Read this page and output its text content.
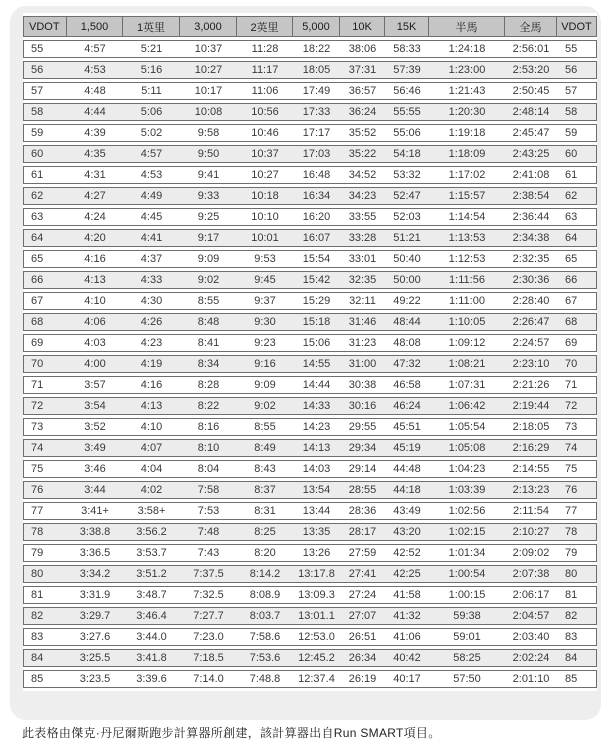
VDOT	1,500	1英里	3,000	2英里	5,000	10K	15K	半馬	全馬	VDOT
55	4:57	5:21	10:37	11:28	18:22	38:06	58:33	1:24:18	2:56:01	55
56	4:53	5:16	10:27	11:17	18:05	37:31	57:39	1:23:00	2:53:20	56
57	4:48	5:11	10:17	11:06	17:49	36:57	56:46	1:21:43	2:50:45	57
58	4:44	5:06	10:08	10:56	17:33	36:24	55:55	1:20:30	2:48:14	58
59	4:39	5:02	9:58	10:46	17:17	35:52	55:06	1:19:18	2:45:47	59
60	4:35	4:57	9:50	10:37	17:03	35:22	54:18	1:18:09	2:43:25	60
61	4:31	4:53	9:41	10:27	16:48	34:52	53:32	1:17:02	2:41:08	61
62	4:27	4:49	9:33	10:18	16:34	34:23	52:47	1:15:57	2:38:54	62
63	4:24	4:45	9:25	10:10	16:20	33:55	52:03	1:14:54	2:36:44	63
64	4:20	4:41	9:17	10:01	16:07	33:28	51:21	1:13:53	2:34:38	64
65	4:16	4:37	9:09	9:53	15:54	33:01	50:40	1:12:53	2:32:35	65
66	4:13	4:33	9:02	9:45	15:42	32:35	50:00	1:11:56	2:30:36	66
67	4:10	4:30	8:55	9:37	15:29	32:11	49:22	1:11:00	2:28:40	67
68	4:06	4:26	8:48	9:30	15:18	31:46	48:44	1:10:05	2:26:47	68
69	4:03	4:23	8:41	9:23	15:06	31:23	48:08	1:09:12	2:24:57	69
70	4:00	4:19	8:34	9:16	14:55	31:00	47:32	1:08:21	2:23:10	70
71	3:57	4:16	8:28	9:09	14:44	30:38	46:58	1:07:31	2:21:26	71
72	3:54	4:13	8:22	9:02	14:33	30:16	46:24	1:06:42	2:19:44	72
73	3:52	4:10	8:16	8:55	14:23	29:55	45:51	1:05:54	2:18:05	73
74	3:49	4:07	8:10	8:49	14:13	29:34	45:19	1:05:08	2:16:29	74
75	3:46	4:04	8:04	8:43	14:03	29:14	44:48	1:04:23	2:14:55	75
76	3:44	4:02	7:58	8:37	13:54	28:55	44:18	1:03:39	2:13:23	76
77	3:41+	3:58+	7:53	8:31	13:44	28:36	43:49	1:02:56	2:11:54	77
78	3:38.8	3:56.2	7:48	8:25	13:35	28:17	43:20	1:02:15	2:10:27	78
79	3:36.5	3:53.7	7:43	8:20	13:26	27:59	42:52	1:01:34	2:09:02	79
80	3:34.2	3:51.2	7:37.5	8:14.2	13:17.8	27:41	42:25	1:00:54	2:07:38	80
81	3:31.9	3:48.7	7:32.5	8:08.9	13:09.3	27:24	41:58	1:00:15	2:06:17	81
82	3:29.7	3:46.4	7:27.7	8:03.7	13:01.1	27:07	41:32	59:38	2:04:57	82
83	3:27.6	3:44.0	7:23.0	7:58.6	12:53.0	26:51	41:06	59:01	2:03:40	83
84	3:25.5	3:41.8	7:18.5	7:53.6	12:45.2	26:34	40:42	58:25	2:02:24	84
85	3:23.5	3:39.6	7:14.0	7:48.8	12:37.4	26:19	40:17	57:50	2:01:10	85
此表格由傑克·丹尼爾斯跑步計算器所創建，該計算器出自Run SMART項目。
